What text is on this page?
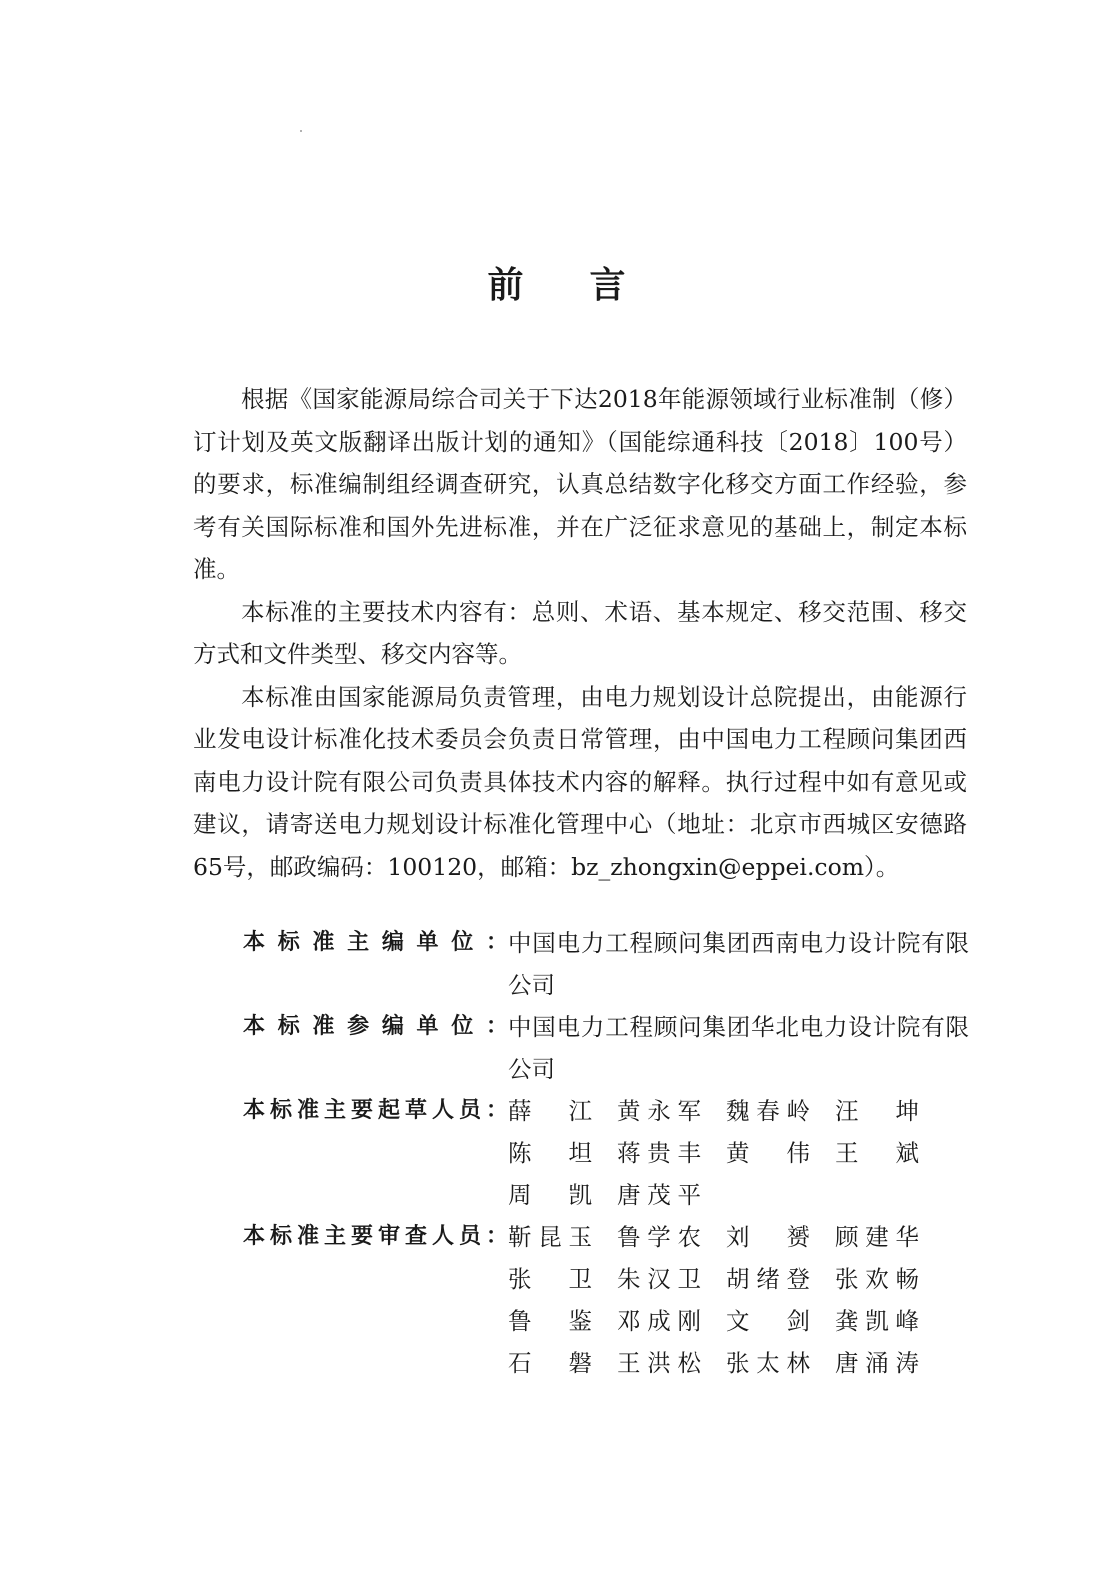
前 言

根据《国家能源局综合司关于下达2018年能源领域行业标准制（修）订计划及英文版翻译出版计划的通知》（国能综通科技〔2018〕100号）的要求，标准编制组经调查研究，认真总结数字化移交方面工作经验，参考有关国际标准和国外先进标准，并在广泛征求意见的基础上，制定本标准。

本标准的主要技术内容有：总则、术语、基本规定、移交范围、移交方式和文件类型、移交内容等。

本标准由国家能源局负责管理，由电力规划设计总院提出，由能源行业发电设计标准化技术委员会负责日常管理，由中国电力工程顾问集团西南电力设计院有限公司负责具体技术内容的解释。执行过程中如有意见或建议，请寄送电力规划设计标准化管理中心（地址：北京市西城区安德路65号，邮政编码：100120，邮箱：bz_zhongxin@eppei.com）。

本标准主编单位： 中国电力工程顾问集团西南电力设计院有限公司
本标准参编单位： 中国电力工程顾问集团华北电力设计院有限公司
本标准主要起草人员： 薛　江 黄永军 魏春岭 汪　坤
陈　坦 蒋贵丰 黄　伟 王　斌
周　凯 唐茂平
本标准主要审查人员： 靳昆玉 鲁学农 刘　赟 顾建华
张　卫 朱汉卫 胡绪登 张欢畅
鲁　鉴 邓成刚 文　剑 龚凯峰
石　磐 王洪松 张太林 唐涌涛
